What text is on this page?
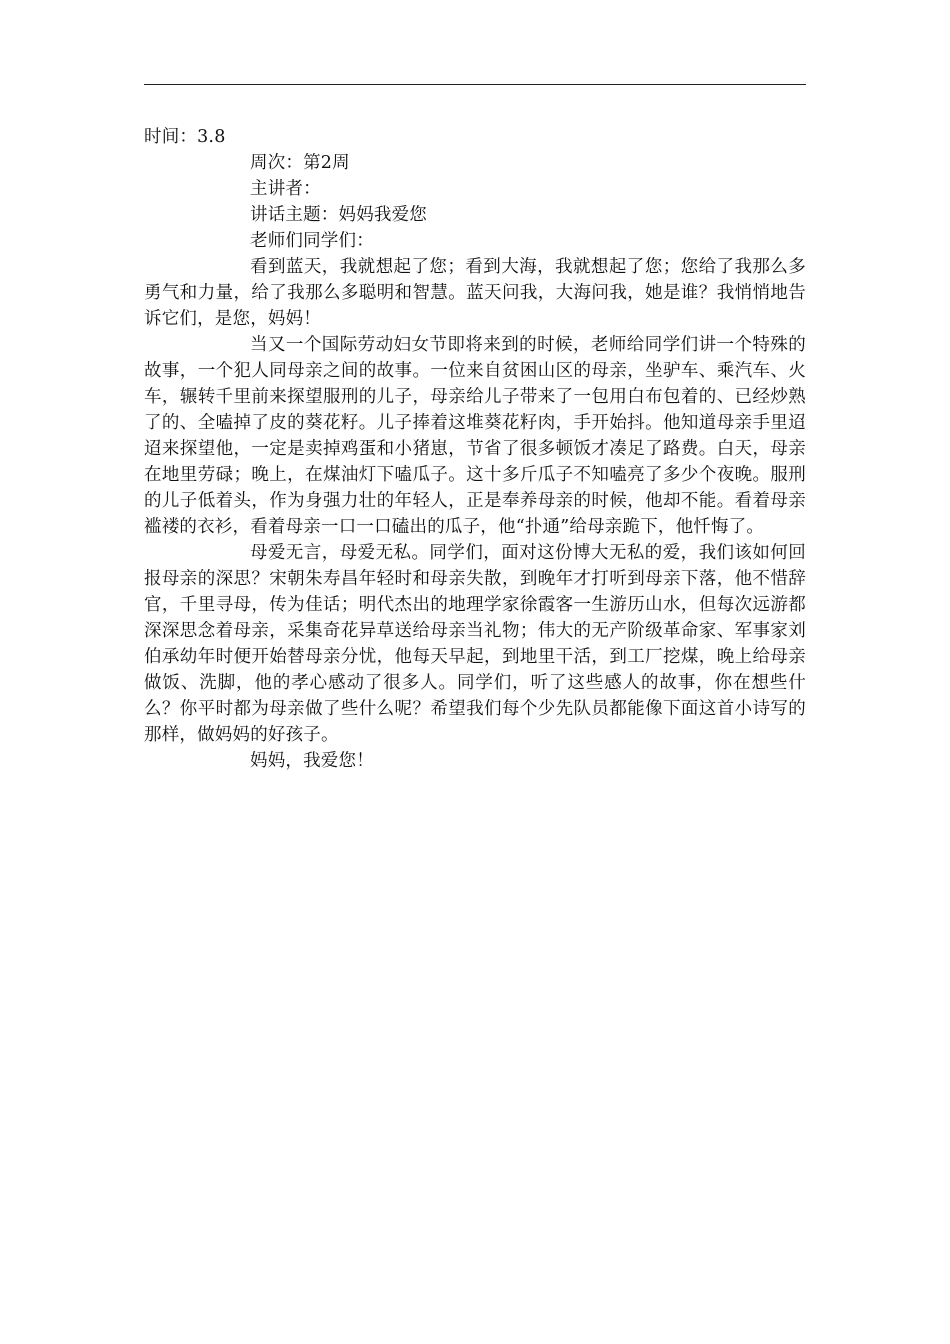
时间：3.8

周次：第2周

主讲者：

讲话主题：妈妈我爱您

老师们同学们：

看到蓝天，我就想起了您；看到大海，我就想起了您；您给了我那么多勇气和力量，给了我那么多聪明和智慧。蓝天问我，大海问我，她是谁？我悄悄地告诉它们，是您，妈妈！

当又一个国际劳动妇女节即将来到的时候，老师给同学们讲一个特殊的故事，一个犯人同母亲之间的故事。一位来自贫困山区的母亲，坐驴车、乘汽车、火车，辗转千里前来探望服刑的儿子，母亲给儿子带来了一包用白布包着的、已经炒熟了的、全嗑掉了皮的葵花籽。儿子捧着这堆葵花籽肉，手开始抖。他知道母亲手里迢迢来探望他，一定是卖掉鸡蛋和小猪崽，节省了很多顿饭才凑足了路费。白天，母亲在地里劳碌；晚上，在煤油灯下嗑瓜子。这十多斤瓜子不知嗑亮了多少个夜晚。服刑的儿子低着头，作为身强力壮的年轻人，正是奉养母亲的时候，他却不能。看着母亲褴褛的衣衫，看着母亲一口一口磕出的瓜子，他“扑通”给母亲跪下，他忏悔了。

母爱无言，母爱无私。同学们，面对这份博大无私的爱，我们该如何回报母亲的深思？宋朝朱寿昌年轻时和母亲失散，到晚年才打听到母亲下落，他不惜辞官，千里寻母，传为佳话；明代杰出的地理学家徐霞客一生游历山水，但每次远游都深深思念着母亲，采集奇花异草送给母亲当礼物；伟大的无产阶级革命家、军事家刘伯承幼年时便开始替母亲分忧，他每天早起，到地里干活，到工厂挖煤，晚上给母亲做饭、洗脚，他的孝心感动了很多人。同学们，听了这些感人的故事，你在想些什么？你平时都为母亲做了些什么呢？希望我们每个少先队员都能像下面这首小诗写的那样，做妈妈的好孩子。

妈妈，我爱您！
